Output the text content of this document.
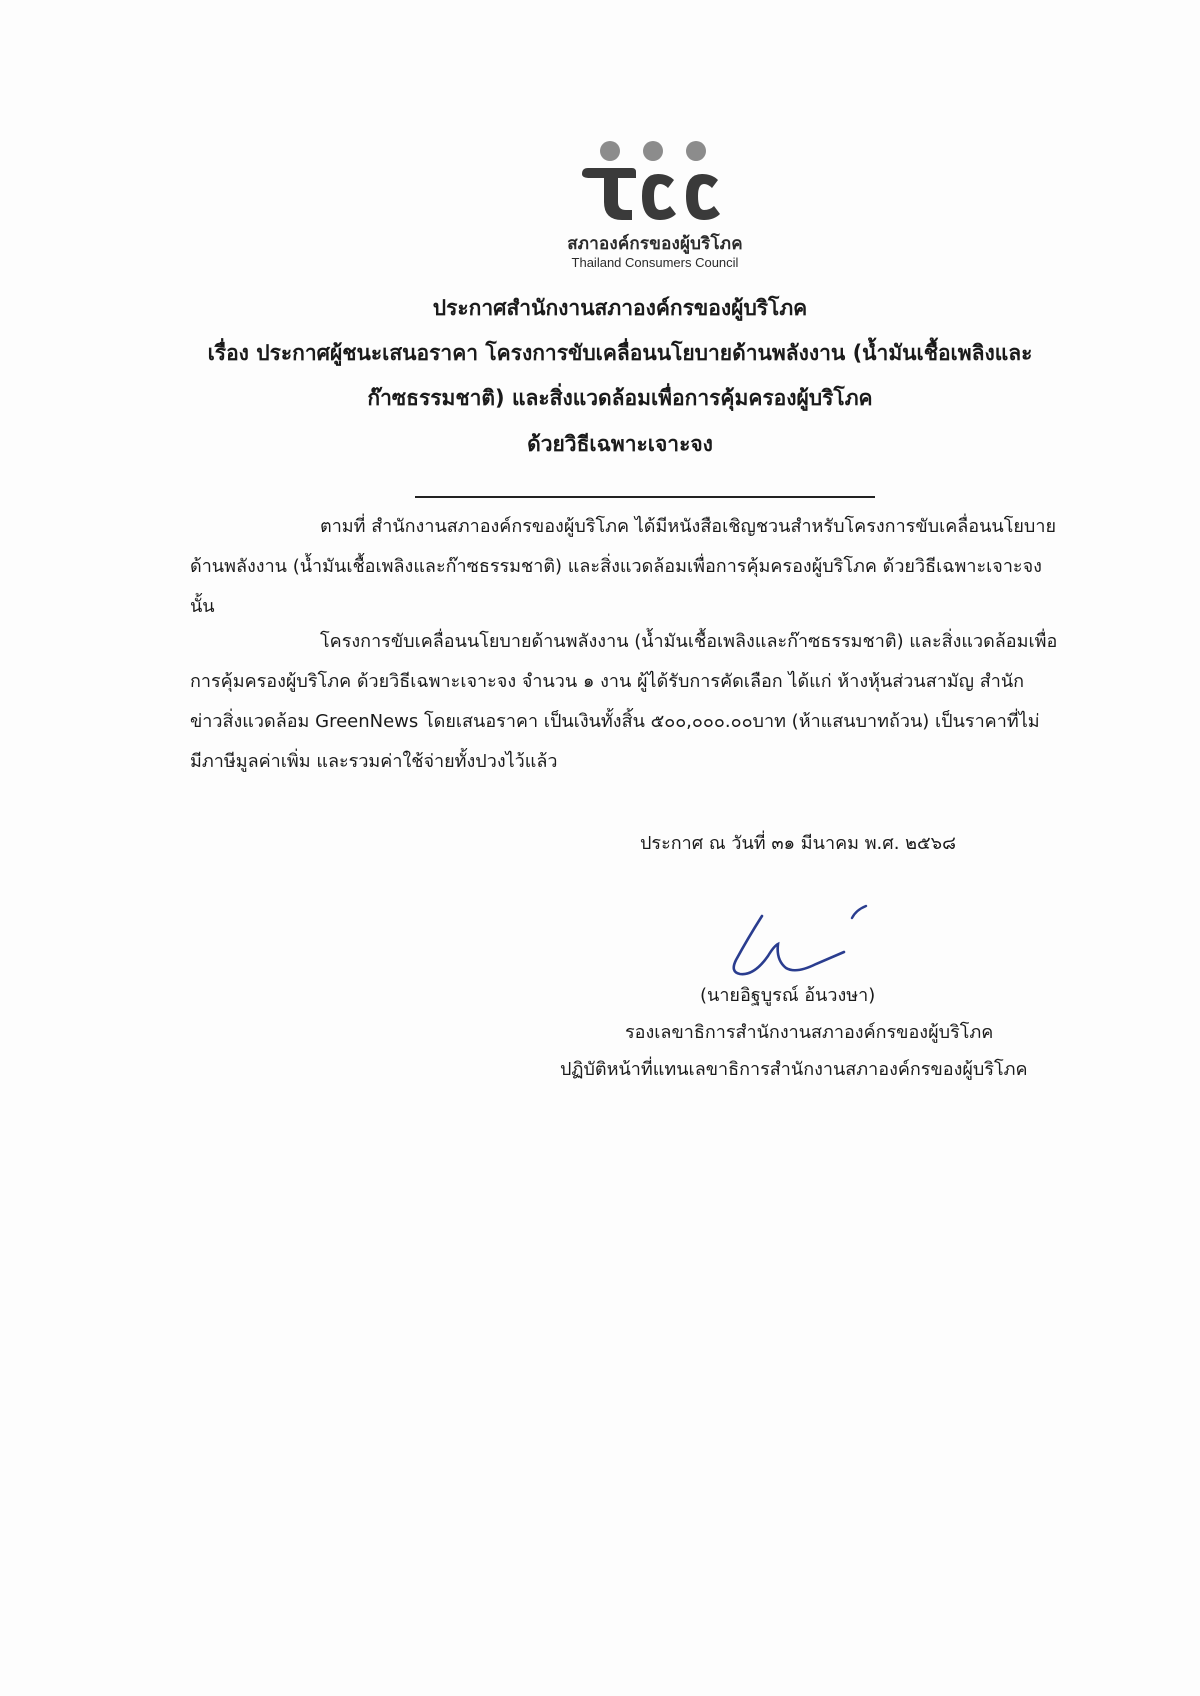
สภาองค์กรของผู้บริโภค
Thailand Consumers Council
ประกาศสำนักงานสภาองค์กรของผู้บริโภค
เรื่อง ประกาศผู้ชนะเสนอราคา โครงการขับเคลื่อนนโยบายด้านพลังงาน (น้ำมันเชื้อเพลิงและ
ก๊าซธรรมชาติ) และสิ่งแวดล้อมเพื่อการคุ้มครองผู้บริโภค
ด้วยวิธีเฉพาะเจาะจง
ตามที่ สำนักงานสภาองค์กรของผู้บริโภค ได้มีหนังสือเชิญชวนสำหรับโครงการขับเคลื่อนนโยบาย
ด้านพลังงาน (น้ำมันเชื้อเพลิงและก๊าซธรรมชาติ) และสิ่งแวดล้อมเพื่อการคุ้มครองผู้บริโภค ด้วยวิธีเฉพาะเจาะจง
นั้น
โครงการขับเคลื่อนนโยบายด้านพลังงาน (น้ำมันเชื้อเพลิงและก๊าซธรรมชาติ) และสิ่งแวดล้อมเพื่อ
การคุ้มครองผู้บริโภค ด้วยวิธีเฉพาะเจาะจง จำนวน ๑ งาน ผู้ได้รับการคัดเลือก ได้แก่ ห้างหุ้นส่วนสามัญ สำนัก
ข่าวสิ่งแวดล้อม GreenNews โดยเสนอราคา เป็นเงินทั้งสิ้น ๕๐๐,๐๐๐.๐๐บาท (ห้าแสนบาทถ้วน) เป็นราคาที่ไม่
มีภาษีมูลค่าเพิ่ม และรวมค่าใช้จ่ายทั้งปวงไว้แล้ว
ประกาศ ณ วันที่ ๓๑ มีนาคม พ.ศ. ๒๕๖๘
(นายอิฐบูรณ์ อ้นวงษา)
รองเลขาธิการสำนักงานสภาองค์กรของผู้บริโภค
ปฏิบัติหน้าที่แทนเลขาธิการสำนักงานสภาองค์กรของผู้บริโภค
